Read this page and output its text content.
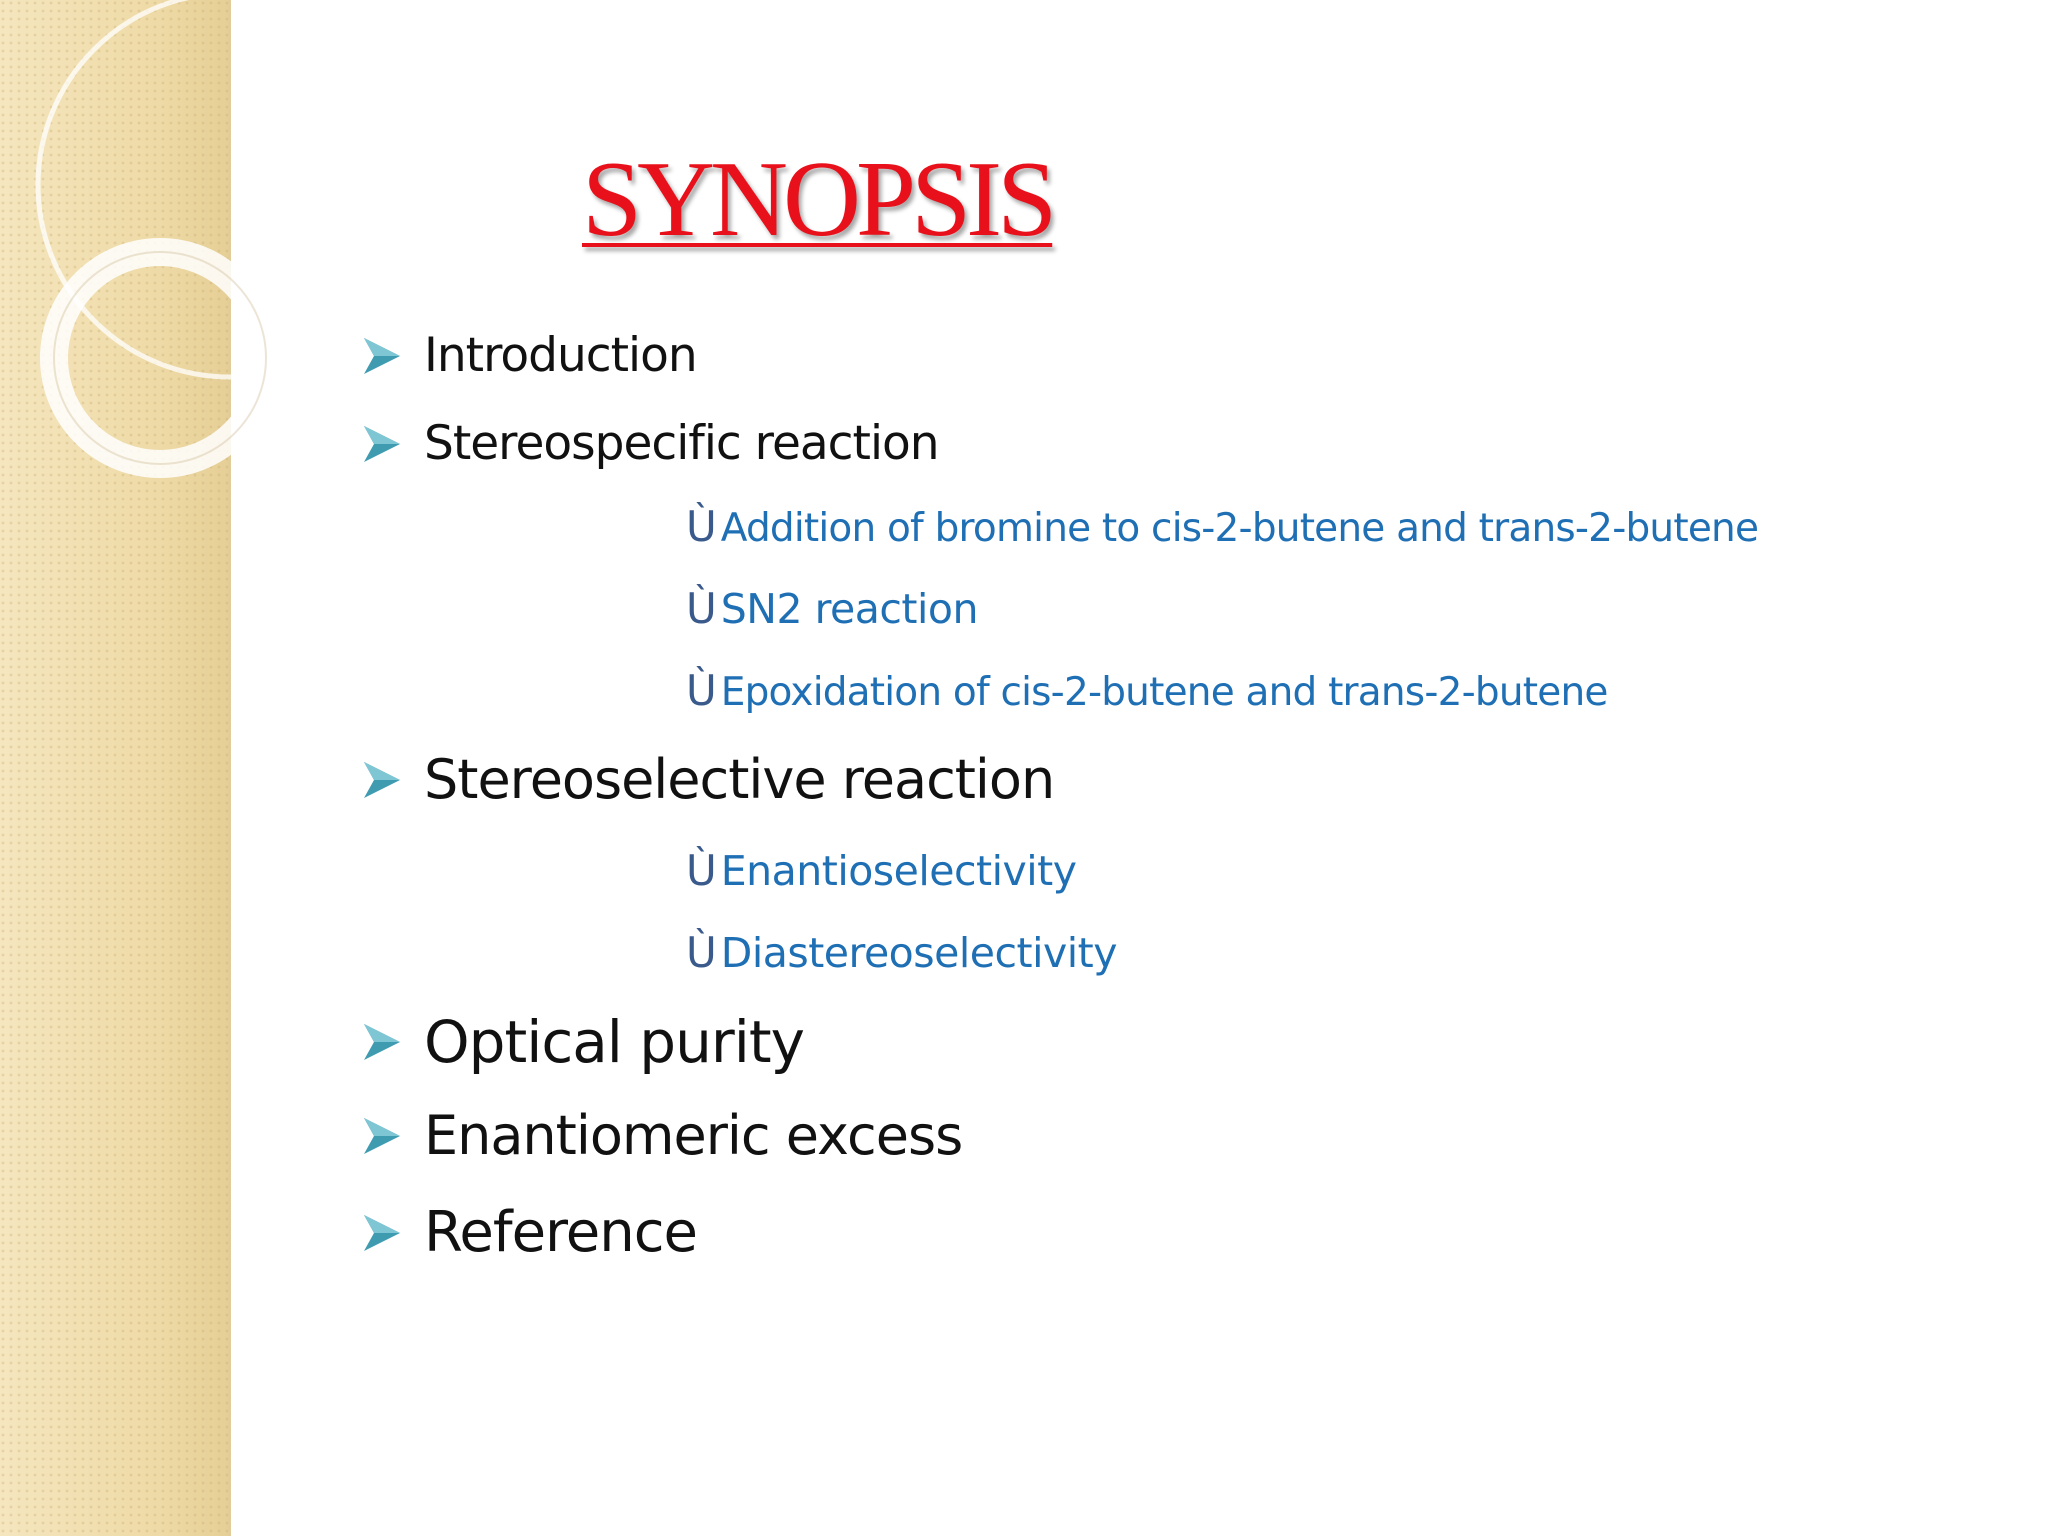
SYNOPSIS
Introduction
Stereospecific reaction
Ù Addition of bromine to cis-2-butene and trans-2-butene
Ù SN2 reaction
Ù Epoxidation of cis-2-butene and trans-2-butene
Stereoselective reaction
Ù Enantioselectivity
Ù Diastereoselectivity
Optical purity
Enantiomeric excess
Reference
